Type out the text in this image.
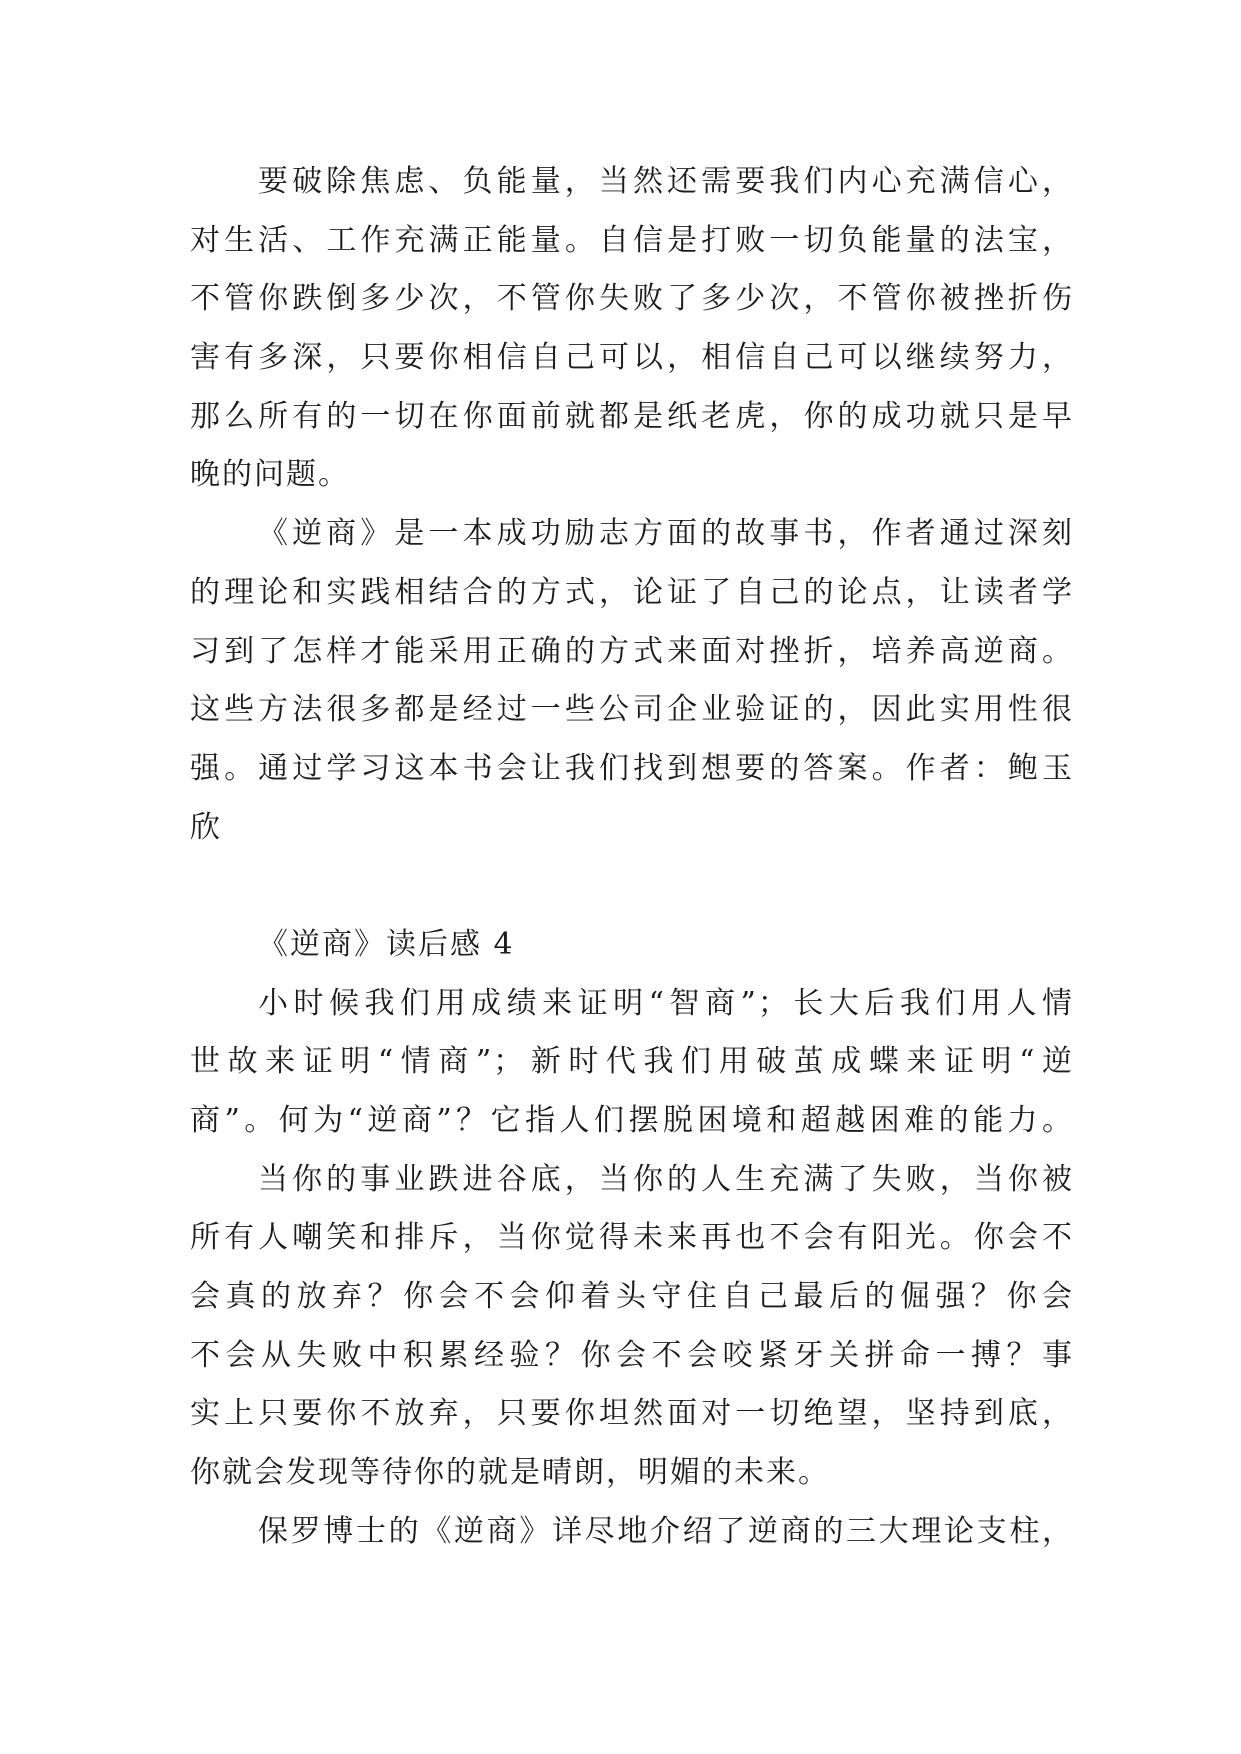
要破除焦虑、负能量，当然还需要我们内心充满信心，
对生活、工作充满正能量。自信是打败一切负能量的法宝，
不管你跌倒多少次，不管你失败了多少次，不管你被挫折伤
害有多深，只要你相信自己可以，相信自己可以继续努力，
那么所有的一切在你面前就都是纸老虎，你的成功就只是早
晚的问题。
《逆商》是一本成功励志方面的故事书，作者通过深刻
的理论和实践相结合的方式，论证了自己的论点，让读者学
习到了怎样才能采用正确的方式来面对挫折，培养高逆商。
这些方法很多都是经过一些公司企业验证的，因此实用性很
强。通过学习这本书会让我们找到想要的答案。作者：鲍玉
欣
《逆商》读后感 4
小时候我们用成绩来证明“智商”；长大后我们用人情
世故来证明“情商”；新时代我们用破茧成蝶来证明“逆
商”。何为“逆商”？它指人们摆脱困境和超越困难的能力。
当你的事业跌进谷底，当你的人生充满了失败，当你被
所有人嘲笑和排斥，当你觉得未来再也不会有阳光。你会不
会真的放弃？你会不会仰着头守住自己最后的倔强？你会
不会从失败中积累经验？你会不会咬紧牙关拼命一搏？事
实上只要你不放弃，只要你坦然面对一切绝望，坚持到底，
你就会发现等待你的就是晴朗，明媚的未来。
保罗博士的《逆商》详尽地介绍了逆商的三大理论支柱，
